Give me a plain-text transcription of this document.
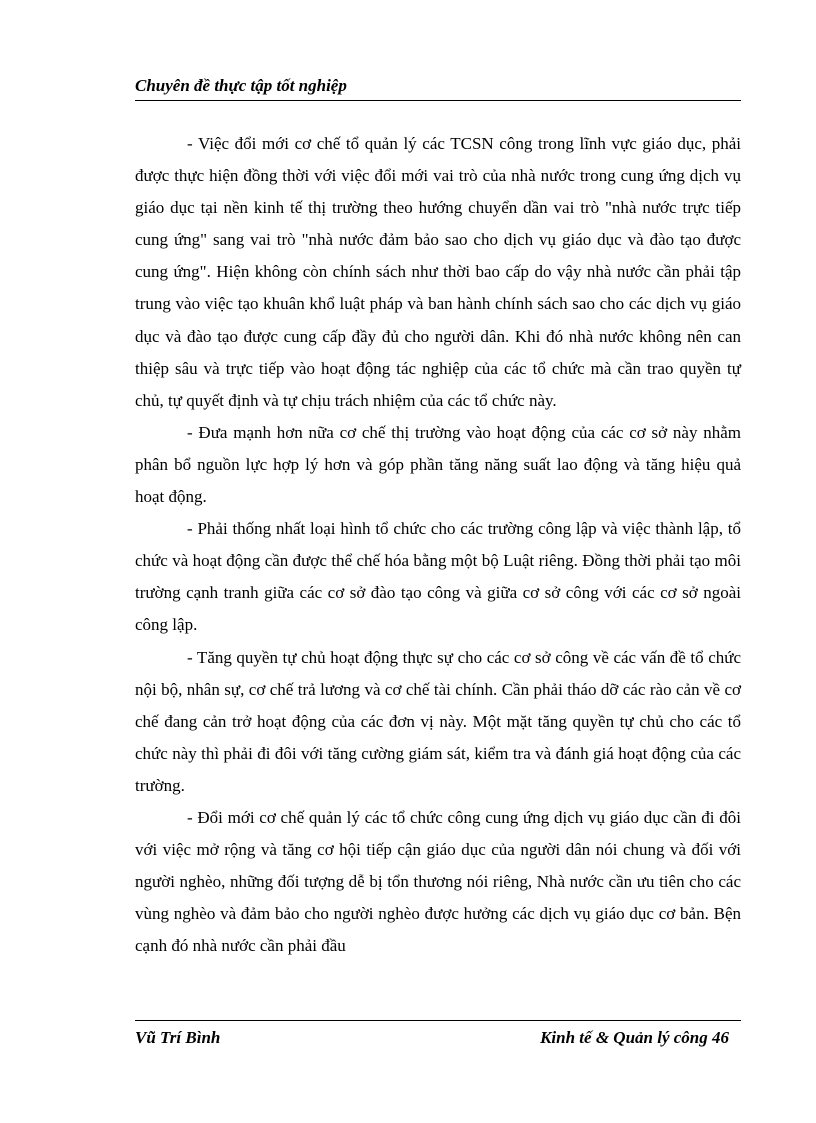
Chuyên đề thực tập tốt nghiệp

- Việc đổi mới cơ chế tổ quản lý các TCSN công trong lĩnh vực giáo dục, phải được thực hiện đồng thời với việc đổi mới vai trò của nhà nước trong cung ứng dịch vụ giáo dục tại nền kinh tế thị trường theo hướng chuyển dần vai trò "nhà nước trực tiếp cung ứng" sang vai trò "nhà nước đảm bảo sao cho dịch vụ giáo dục và đào tạo được cung ứng". Hiện không còn chính sách như thời bao cấp do vậy nhà nước cần phải tập trung vào việc tạo khuân khổ luật pháp và ban hành chính sách sao cho các dịch vụ giáo dục và đào tạo được cung cấp đầy đủ cho người dân. Khi đó nhà nước không nên can thiệp sâu và trực tiếp vào hoạt động tác nghiệp của các tổ chức mà cần trao quyền tự chủ, tự quyết định và tự chịu trách nhiệm của các tổ chức này.

- Đưa mạnh hơn nữa cơ chế thị trường vào hoạt động của các cơ sở này nhằm phân bổ nguồn lực hợp lý hơn và góp phần tăng năng suất lao động và tăng hiệu quả hoạt động.

- Phải thống nhất loại hình tổ chức cho các trường công lập và việc thành lập, tổ chức và hoạt động cần được thể chế hóa bằng một bộ Luật riêng. Đồng thời phải tạo môi trường cạnh tranh giữa các cơ sở đào tạo công và giữa cơ sở công với các cơ sở ngoài công lập.

- Tăng quyền tự chủ hoạt động thực sự cho các cơ sở công về các vấn đề tổ chức nội bộ, nhân sự, cơ chế trả lương và cơ chế tài chính. Cần phải tháo dỡ các rào cản về cơ chế đang cản trở hoạt động của các đơn vị này. Một mặt tăng quyền tự chủ cho các tổ chức này thì phải đi đôi với tăng cường giám sát, kiểm tra và đánh giá hoạt động của các trường.

- Đổi mới cơ chế quản lý các tổ chức công cung ứng dịch vụ giáo dục cần đi đôi với việc mở rộng và tăng cơ hội tiếp cận giáo dục của người dân nói chung và đối với người nghèo, những đối tượng dễ bị tổn thương nói riêng, Nhà nước cần ưu tiên cho các vùng nghèo và đảm bảo cho người nghèo được hưởng các dịch vụ giáo dục cơ bản. Bện cạnh đó nhà nước cần phải đầu

Vũ Trí Bình	Kinh tế & Quản lý công 46
